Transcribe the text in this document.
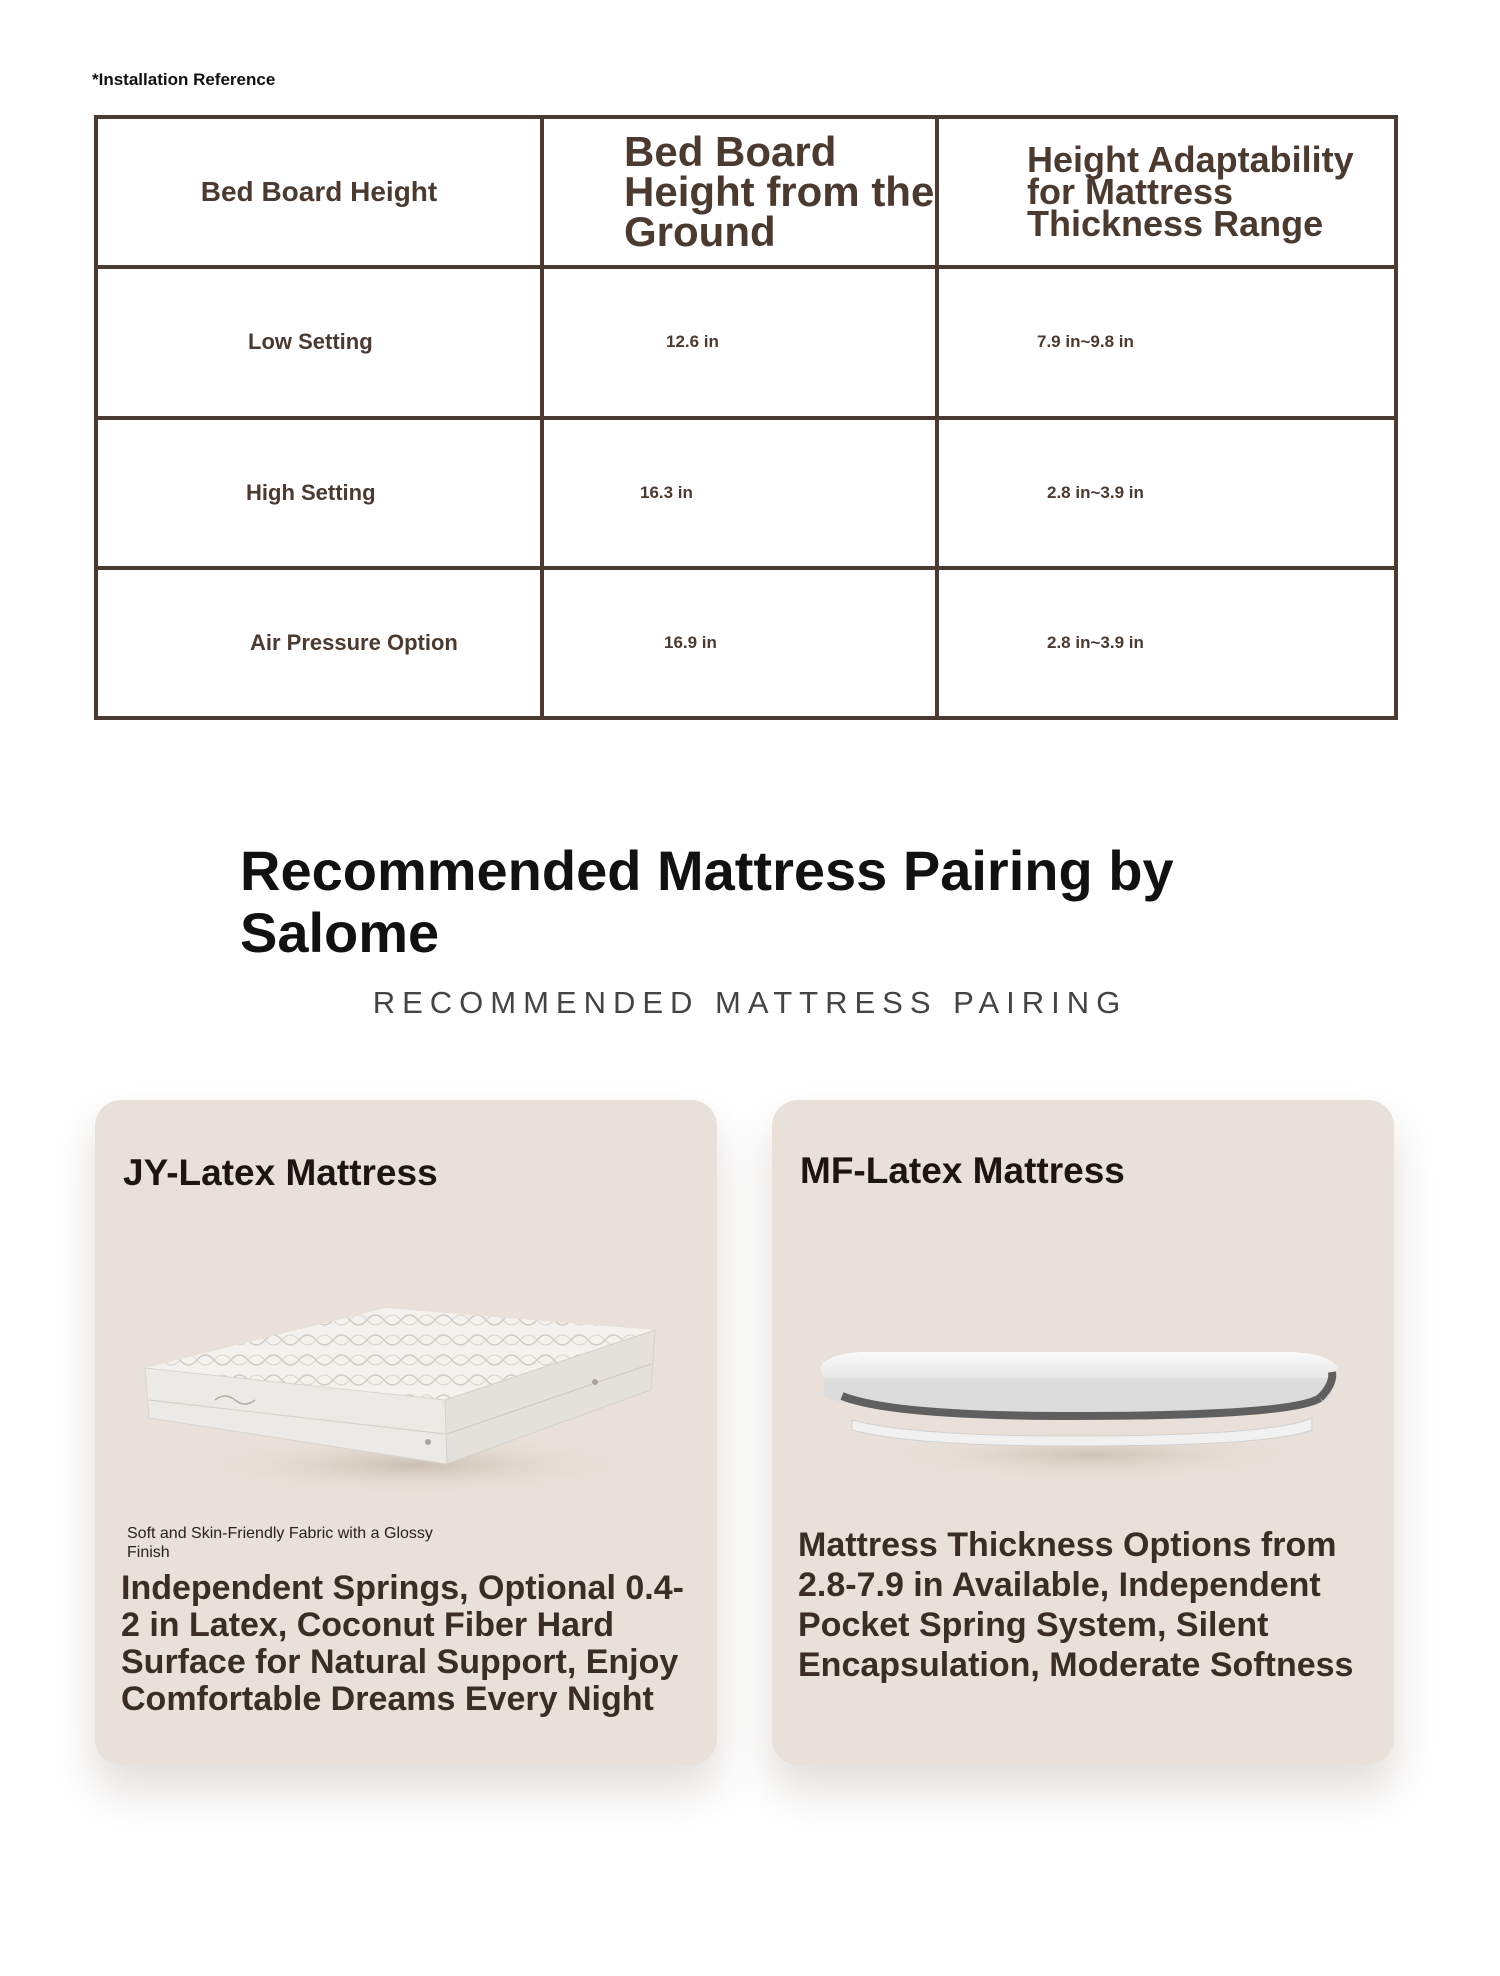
*Installation Reference
Bed Board Height	Bed Board Height from the Ground	Height Adaptability for Mattress Thickness Range
Low Setting	12.6 in	7.9 in~9.8 in
High Setting	16.3 in	2.8 in~3.9 in
Air Pressure Option	16.9 in	2.8 in~3.9 in
Recommended Mattress Pairing by Salome
RECOMMENDED MATTRESS PAIRING
JY-Latex Mattress
Soft and Skin-Friendly Fabric with a Glossy Finish
Independent Springs, Optional 0.4-2 in Latex, Coconut Fiber Hard Surface for Natural Support, Enjoy Comfortable Dreams Every Night
MF-Latex Mattress
Mattress Thickness Options from 2.8-7.9 in Available, Independent Pocket Spring System, Silent Encapsulation, Moderate Softness
